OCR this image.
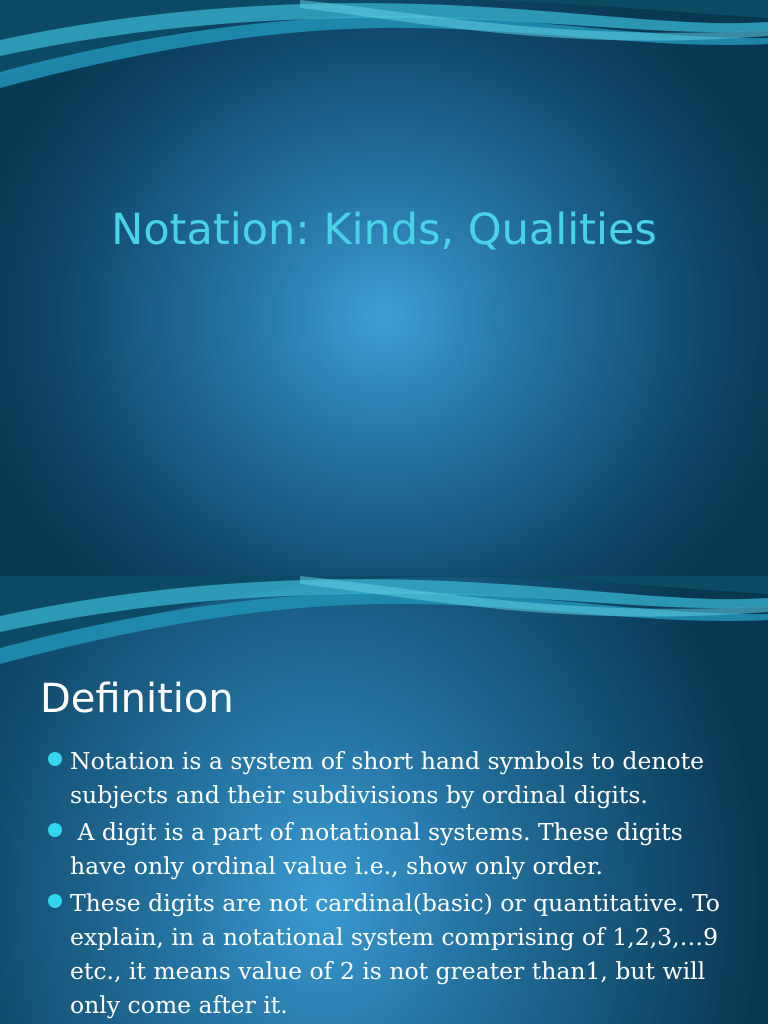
Notation: Kinds, Qualities
Definition
Notation is a system of short hand symbols to denote subjects and their subdivisions by ordinal digits.
A digit is a part of notational systems. These digits have only ordinal value i.e., show only order.
These digits are not cardinal(basic) or quantitative. To explain, in a notational system comprising of 1,2,3,…9 etc., it means value of 2 is not greater than1, but will only come after it.
